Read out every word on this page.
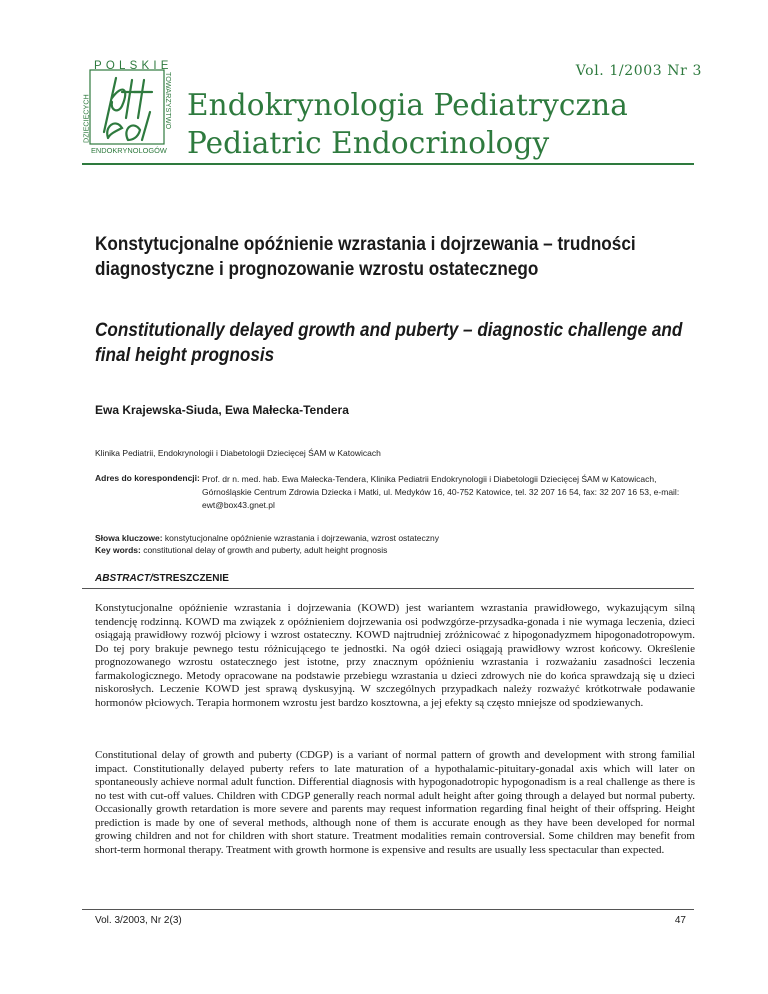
POLSKIE
DZIECIĘCYCH	TOWARZYSTWO
ENDOKRYNOLOGÓW
Vol. 1/2003 Nr 3
Endokrynologia Pediatryczna
Pediatric Endocrinology
Konstytucjonalne opóźnienie wzrastania i dojrzewania – trudności diagnostyczne i prognozowanie wzrostu ostatecznego
Constitutionally delayed growth and puberty – diagnostic challenge and final height prognosis
Ewa Krajewska-Siuda, Ewa Małecka-Tendera
Klinika Pediatrii, Endokrynologii i Diabetologii Dziecięcej ŚAM w Katowicach
Adres do korespondencji: Prof. dr n. med. hab. Ewa Małecka-Tendera, Klinika Pediatrii Endokrynologii i Diabetologii Dziecięcej ŚAM w Katowicach, Górnośląskie Centrum Zdrowia Dziecka i Matki, ul. Medyków 16, 40-752 Katowice, tel. 32 207 16 54, fax: 32 207 16 53, e-mail: ewt@box43.gnet.pl
Słowa kluczowe: konstytucjonalne opóźnienie wzrastania i dojrzewania, wzrost ostateczny
Key words: constitutional delay of growth and puberty, adult height prognosis
ABSTRACT/STRESZCZENIE

Konstytucjonalne opóźnienie wzrastania i dojrzewania (KOWD) jest wariantem wzrastania prawidłowego, wykazującym silną tendencję rodzinną. KOWD ma związek z opóźnieniem dojrzewania osi podwzgórze-przysadka-gonada i nie wymaga leczenia, dzieci osiągają prawidłowy rozwój płciowy i wzrost ostateczny. KOWD najtrudniej zróżnicować z hipogonadyzmem hipogonadotropowym. Do tej pory brakuje pewnego testu różnicującego te jednostki. Na ogół dzieci osiągają prawidłowy wzrost końcowy. Określenie prognozowanego wzrostu ostatecznego jest istotne, przy znacznym opóźnieniu wzrastania i rozważaniu zasadności leczenia farmakologicznego. Metody opracowane na podstawie przebiegu wzrastania u dzieci zdrowych nie do końca sprawdzają się u dzieci niskorosłych. Leczenie KOWD jest sprawą dyskusyjną. W szczególnych przypadkach należy rozważyć krótkotrwałe podawanie hormonów płciowych. Terapia hormonem wzrostu jest bardzo kosztowna, a jej efekty są często mniejsze od spodziewanych.

Constitutional delay of growth and puberty (CDGP) is a variant of normal pattern of growth and development with strong familial impact. Constitutionally delayed puberty refers to late maturation of a hypothalamic-pituitary-gonadal axis which will later on spontaneously achieve normal adult function. Differential diagnosis with hypogonadotropic hypogonadism is a real challenge as there is no test with cut-off values. Children with CDGP generally reach normal adult height after going through a delayed but normal puberty. Occasionally growth retardation is more severe and parents may request information regarding final height of their offspring. Height prediction is made by one of several methods, although none of them is accurate enough as they have been developed for normal growing children and not for children with short stature. Treatment modalities remain controversial. Some children may benefit from short-term hormonal therapy. Treatment with growth hormone is expensive and results are usually less spectacular than expected.

Vol. 3/2003, Nr 2(3)	47
